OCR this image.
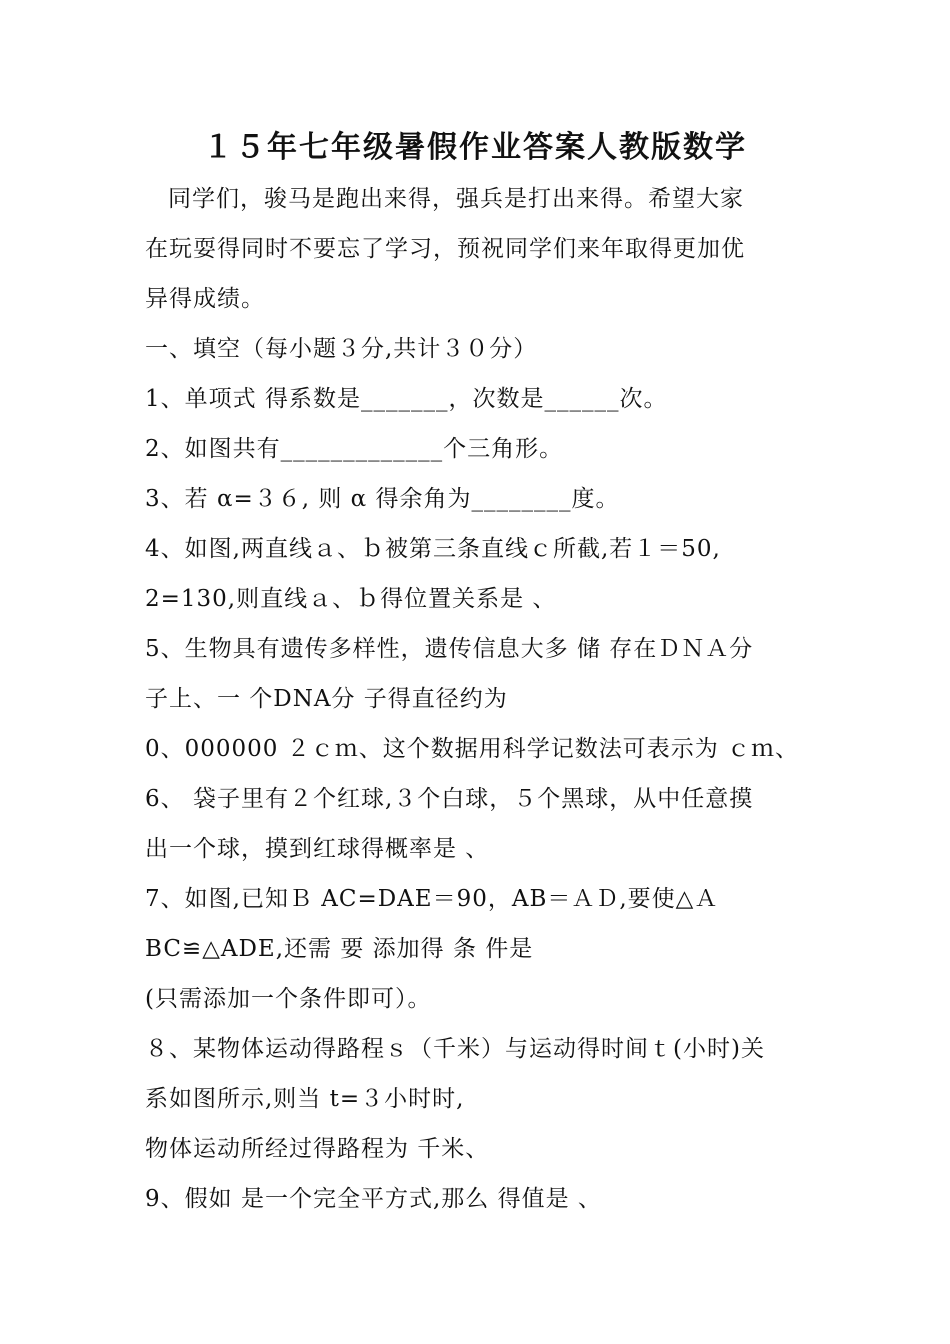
１５年七年级暑假作业答案人教版数学
同学们，骏马是跑出来得，强兵是打出来得。希望大家
在玩耍得同时不要忘了学习，预祝同学们来年取得更加优
异得成绩。
一、填空（每小题３分,共计３０分）
1、单项式 得系数是_______，次数是______次。
2、如图共有_____________个三角形。
3、若 α=３６, 则 α 得余角为________度。
4、如图,两直线ａ、ｂ被第三条直线ｃ所截,若１＝50,
2=130,则直线ａ、ｂ得位置关系是 、
5、生物具有遗传多样性，遗传信息大多 储 存在ＤＮＡ分
子上、一 个DNA分 子得直径约为
0、000000 ２ｃｍ、这个数据用科学记数法可表示为 ｃｍ、
6、 袋子里有２个红球,３个白球，５个黑球，从中任意摸
出一个球，摸到红球得概率是 、
7、如图,已知Ｂ AC=DAE＝90，AB＝ＡＤ,要使△Ａ
BC≌△ADE,还需 要 添加得 条 件是
(只需添加一个条件即可）。
８、某物体运动得路程ｓ（千米）与运动得时间ｔ(小时)关
系如图所示,则当 t=３小时时,
物体运动所经过得路程为 千米、
9、假如 是一个完全平方式,那么 得值是 、
